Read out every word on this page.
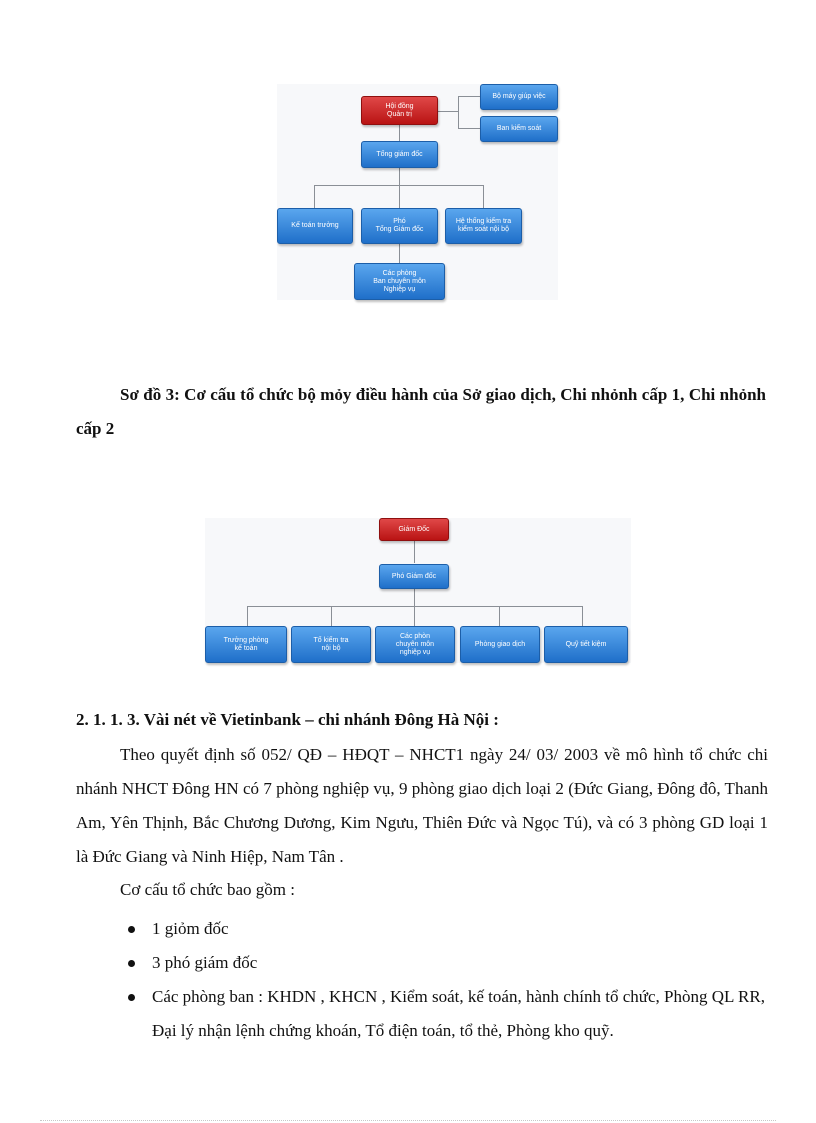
Hội đồng
Quản trị
Bộ máy giúp việc
Ban kiểm soát
Tổng giám đốc
Kế toán trưởng
Phó
Tổng Giám đốc
Hệ thống kiểm tra
kiểm soát nội bộ
Các phòng
Ban chuyên môn
Nghiệp vụ
Sơ đồ 3: Cơ cấu tổ chức bộ mỏy điều hành của Sở giao dịch, Chi nhỏnh cấp 1, Chi nhỏnh cấp 2
Giám Đốc
Phó Giám đốc
Trưởng phòng
kế toán
Tổ kiểm tra
nội bộ
Các phòn
chuyên môn
nghiệp vụ
Phòng giao dịch	Quỹ tiết kiệm
2. 1. 1. 3. Vài nét về Vietinbank – chi nhánh Đông Hà Nội :

Theo quyết định số 052/ QĐ – HĐQT – NHCT1 ngày 24/ 03/ 2003 về mô hình tổ chức chi nhánh NHCT Đông HN có 7 phòng nghiệp vụ, 9 phòng giao dịch loại 2 (Đức Giang, Đông đô, Thanh Am, Yên Thịnh, Bắc Chương Dương, Kim Ngưu, Thiên Đức và Ngọc Tú), và có 3 phòng GD loại 1 là Đức Giang và Ninh Hiệp, Nam Tân .

Cơ cấu tổ chức bao gồm :
1 giỏm đốc
3 phó giám đốc
Các phòng ban : KHDN , KHCN , Kiểm soát, kế toán, hành chính tổ chức, Phòng QL RR, Đại lý nhận lệnh chứng khoán, Tổ điện toán, tổ thẻ, Phòng kho quỹ.
